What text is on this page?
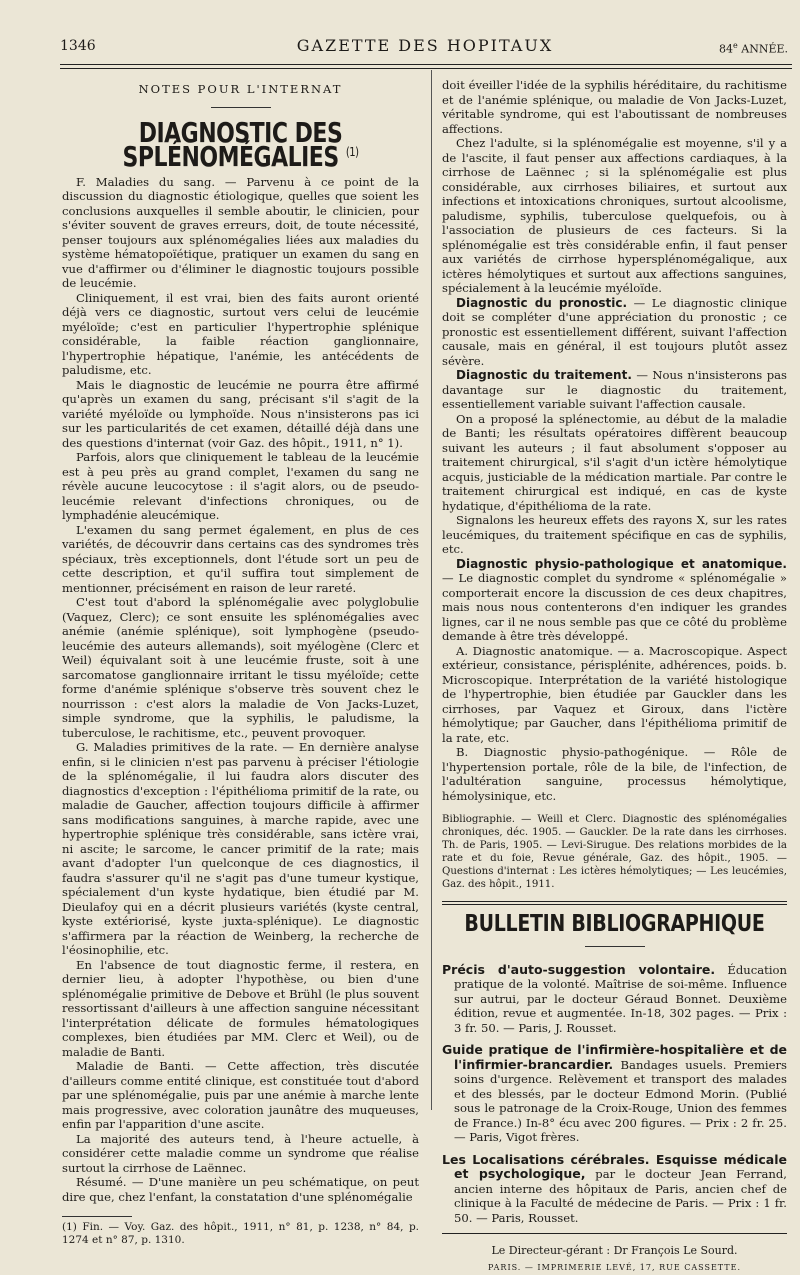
1346	GAZETTE DES HOPITAUX	84e ANNÉE.
NOTES POUR L'INTERNAT
DIAGNOSTIC DES SPLÉNOMÉGALIES $^{(1)}$

F. Maladies du sang. — Parvenu à ce point de la discussion du diagnostic étiologique, quelles que soient les conclusions auxquelles il semble aboutir, le clinicien, pour s'éviter souvent de graves erreurs, doit, de toute nécessité, penser toujours aux splénomégalies liées aux maladies du système hématopoïétique, pratiquer un examen du sang en vue d'affirmer ou d'éliminer le diagnostic toujours possible de leucémie.

Cliniquement, il est vrai, bien des faits auront orienté déjà vers ce diagnostic, surtout vers celui de leucémie myéloïde; c'est en particulier l'hypertrophie splénique considérable, la faible réaction ganglionnaire, l'hypertrophie hépatique, l'anémie, les antécédents de paludisme, etc.

Mais le diagnostic de leucémie ne pourra être affirmé qu'après un examen du sang, précisant s'il s'agit de la variété myéloïde ou lymphoïde. Nous n'insisterons pas ici sur les particularités de cet examen, détaillé déjà dans une des questions d'internat (voir Gaz. des hôpit., 1911, n° 1).

Parfois, alors que cliniquement le tableau de la leucémie est à peu près au grand complet, l'examen du sang ne révèle aucune leucocytose : il s'agit alors, ou de pseudo-leucémie relevant d'infections chroniques, ou de lymphadénie aleucémique.

L'examen du sang permet également, en plus de ces variétés, de découvrir dans certains cas des syndromes très spéciaux, très exceptionnels, dont l'étude sort un peu de cette description, et qu'il suffira tout simplement de mentionner, précisément en raison de leur rareté.

C'est tout d'abord la splénomégalie avec polyglobulie (Vaquez, Clerc); ce sont ensuite les splénomégalies avec anémie (anémie splénique), soit lymphogène (pseudo-leucémie des auteurs allemands), soit myélogène (Clerc et Weil) équivalant soit à une leucémie fruste, soit à une sarcomatose ganglionnaire irritant le tissu myéloïde; cette forme d'anémie splénique s'observe très souvent chez le nourrisson : c'est alors la maladie de Von Jacks-Luzet, simple syndrome, que la syphilis, le paludisme, la tuberculose, le rachitisme, etc., peuvent provoquer.

G. Maladies primitives de la rate. — En dernière analyse enfin, si le clinicien n'est pas parvenu à préciser l'étiologie de la splénomégalie, il lui faudra alors discuter des diagnostics d'exception : l'épithélioma primitif de la rate, ou maladie de Gaucher, affection toujours difficile à affirmer sans modifications sanguines, à marche rapide, avec une hypertrophie splénique très considérable, sans ictère vrai, ni ascite; le sarcome, le cancer primitif de la rate; mais avant d'adopter l'un quelconque de ces diagnostics, il faudra s'assurer qu'il ne s'agit pas d'une tumeur kystique, spécialement d'un kyste hydatique, bien étudié par M. Dieulafoy qui en a décrit plusieurs variétés (kyste central, kyste extériorisé, kyste juxta-splénique). Le diagnostic s'affirmera par la réaction de Weinberg, la recherche de l'éosinophilie, etc.

En l'absence de tout diagnostic ferme, il restera, en dernier lieu, à adopter l'hypothèse, ou bien d'une splénomégalie primitive de Debove et Brühl (le plus souvent ressortissant d'ailleurs à une affection sanguine nécessitant l'interprétation délicate de formules hématologiques complexes, bien étudiées par MM. Clerc et Weil), ou de maladie de Banti.

Maladie de Banti. — Cette affection, très discutée d'ailleurs comme entité clinique, est constituée tout d'abord par une splénomégalie, puis par une anémie à marche lente mais progressive, avec coloration jaunâtre des muqueuses, enfin par l'apparition d'une ascite.

La majorité des auteurs tend, à l'heure actuelle, à considérer cette maladie comme un syndrome que réalise surtout la cirrhose de Laënnec.

Résumé. — D'une manière un peu schématique, on peut dire que, chez l'enfant, la constatation d'une splénomégalie

(1) Fin. — Voy. Gaz. des hôpit., 1911, n° 81, p. 1238, n° 84, p. 1274 et n° 87, p. 1310.

doit éveiller l'idée de la syphilis héréditaire, du rachitisme et de l'anémie splénique, ou maladie de Von Jacks-Luzet, véritable syndrome, qui est l'aboutissant de nombreuses affections.

Chez l'adulte, si la splénomégalie est moyenne, s'il y a de l'ascite, il faut penser aux affections cardiaques, à la cirrhose de Laënnec ; si la splénomégalie est plus considérable, aux cirrhoses biliaires, et surtout aux infections et intoxications chroniques, surtout alcoolisme, paludisme, syphilis, tuberculose quelquefois, ou à l'association de plusieurs de ces facteurs. Si la splénomégalie est très considérable enfin, il faut penser aux variétés de cirrhose hypersplénomégalique, aux ictères hémolytiques et surtout aux affections sanguines, spécialement à la leucémie myéloïde.

Diagnostic du pronostic. — Le diagnostic clinique doit se compléter d'une appréciation du pronostic ; ce pronostic est essentiellement différent, suivant l'affection causale, mais en général, il est toujours plutôt assez sévère.

Diagnostic du traitement. — Nous n'insisterons pas davantage sur le diagnostic du traitement, essentiellement variable suivant l'affection causale.

On a proposé la splénectomie, au début de la maladie de Banti; les résultats opératoires diffèrent beaucoup suivant les auteurs ; il faut absolument s'opposer au traitement chirurgical, s'il s'agit d'un ictère hémolytique acquis, justiciable de la médication martiale. Par contre le traitement chirurgical est indiqué, en cas de kyste hydatique, d'épithélioma de la rate.

Signalons les heureux effets des rayons X, sur les rates leucémiques, du traitement spécifique en cas de syphilis, etc.

Diagnostic physio-pathologique et anatomique. — Le diagnostic complet du syndrome « splénomégalie » comporterait encore la discussion de ces deux chapitres, mais nous nous contenterons d'en indiquer les grandes lignes, car il ne nous semble pas que ce côté du problème demande à être très développé.

A. Diagnostic anatomique. — a. Macroscopique. Aspect extérieur, consistance, périsplénite, adhérences, poids. b. Microscopique. Interprétation de la variété histologique de l'hypertrophie, bien étudiée par Gauckler dans les cirrhoses, par Vaquez et Giroux, dans l'ictère hémolytique; par Gaucher, dans l'épithélioma primitif de la rate, etc.

B. Diagnostic physio-pathogénique. — Rôle de l'hypertension portale, rôle de la bile, de l'infection, de l'adultération sanguine, processus hémolytique, hémolysinique, etc.

Bibliographie. — Weill et Clerc. Diagnostic des splénomégalies chroniques, déc. 1905. — Gauckler. De la rate dans les cirrhoses. Th. de Paris, 1905. — Levi-Sirugue. Des relations morbides de la rate et du foie, Revue générale, Gaz. des hôpit., 1905. — Questions d'internat : Les ictères hémolytiques; — Les leucémies, Gaz. des hôpit., 1911.
BULLETIN BIBLIOGRAPHIQUE

Précis d'auto-suggestion volontaire. Éducation pratique de la volonté. Maîtrise de soi-même. Influence sur autrui, par le docteur Géraud Bonnet. Deuxième édition, revue et augmentée. In-18, 302 pages. — Prix : 3 fr. 50. — Paris, J. Rousset.

Guide pratique de l'infirmière-hospitalière et de l'infirmier-brancardier. Bandages usuels. Premiers soins d'urgence. Relèvement et transport des malades et des blessés, par le docteur Edmond Morin. (Publié sous le patronage de la Croix-Rouge, Union des femmes de France.) In-8° écu avec 200 figures. — Prix : 2 fr. 25. — Paris, Vigot frères.

Les Localisations cérébrales. Esquisse médicale et psychologique, par le docteur Jean Ferrand, ancien interne des hôpitaux de Paris, ancien chef de clinique à la Faculté de médecine de Paris. — Prix : 1 fr. 50. — Paris, Rousset.

Le Directeur-gérant : Dr François Le Sourd.
PARIS. — IMPRIMERIE LEVÉ, 17, RUE CASSETTE.
